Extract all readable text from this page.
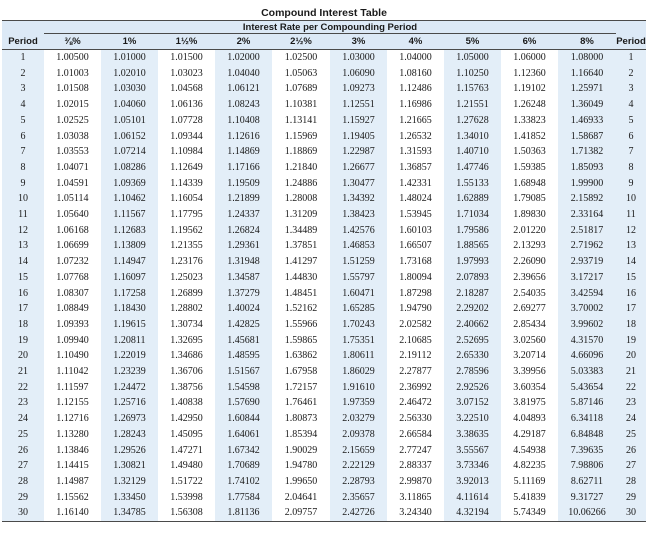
Compound Interest Table											
	Interest Rate per Compounding Period										
Period	⅜%	1%	1½%	2%	2½%	3%	4%	5%	6%	8%	Period
1	1.00500	1.01000	1.01500	1.02000	1.02500	1.03000	1.04000	1.05000	1.06000	1.08000	1
2	1.01003	1.02010	1.03023	1.04040	1.05063	1.06090	1.08160	1.10250	1.12360	1.16640	2
3	1.01508	1.03030	1.04568	1.06121	1.07689	1.09273	1.12486	1.15763	1.19102	1.25971	3
4	1.02015	1.04060	1.06136	1.08243	1.10381	1.12551	1.16986	1.21551	1.26248	1.36049	4
5	1.02525	1.05101	1.07728	1.10408	1.13141	1.15927	1.21665	1.27628	1.33823	1.46933	5
6	1.03038	1.06152	1.09344	1.12616	1.15969	1.19405	1.26532	1.34010	1.41852	1.58687	6
7	1.03553	1.07214	1.10984	1.14869	1.18869	1.22987	1.31593	1.40710	1.50363	1.71382	7
8	1.04071	1.08286	1.12649	1.17166	1.21840	1.26677	1.36857	1.47746	1.59385	1.85093	8
9	1.04591	1.09369	1.14339	1.19509	1.24886	1.30477	1.42331	1.55133	1.68948	1.99900	9
10	1.05114	1.10462	1.16054	1.21899	1.28008	1.34392	1.48024	1.62889	1.79085	2.15892	10
11	1.05640	1.11567	1.17795	1.24337	1.31209	1.38423	1.53945	1.71034	1.89830	2.33164	11
12	1.06168	1.12683	1.19562	1.26824	1.34489	1.42576	1.60103	1.79586	2.01220	2.51817	12
13	1.06699	1.13809	1.21355	1.29361	1.37851	1.46853	1.66507	1.88565	2.13293	2.71962	13
14	1.07232	1.14947	1.23176	1.31948	1.41297	1.51259	1.73168	1.97993	2.26090	2.93719	14
15	1.07768	1.16097	1.25023	1.34587	1.44830	1.55797	1.80094	2.07893	2.39656	3.17217	15
16	1.08307	1.17258	1.26899	1.37279	1.48451	1.60471	1.87298	2.18287	2.54035	3.42594	16
17	1.08849	1.18430	1.28802	1.40024	1.52162	1.65285	1.94790	2.29202	2.69277	3.70002	17
18	1.09393	1.19615	1.30734	1.42825	1.55966	1.70243	2.02582	2.40662	2.85434	3.99602	18
19	1.09940	1.20811	1.32695	1.45681	1.59865	1.75351	2.10685	2.52695	3.02560	4.31570	19
20	1.10490	1.22019	1.34686	1.48595	1.63862	1.80611	2.19112	2.65330	3.20714	4.66096	20
21	1.11042	1.23239	1.36706	1.51567	1.67958	1.86029	2.27877	2.78596	3.39956	5.03383	21
22	1.11597	1.24472	1.38756	1.54598	1.72157	1.91610	2.36992	2.92526	3.60354	5.43654	22
23	1.12155	1.25716	1.40838	1.57690	1.76461	1.97359	2.46472	3.07152	3.81975	5.87146	23
24	1.12716	1.26973	1.42950	1.60844	1.80873	2.03279	2.56330	3.22510	4.04893	6.34118	24
25	1.13280	1.28243	1.45095	1.64061	1.85394	2.09378	2.66584	3.38635	4.29187	6.84848	25
26	1.13846	1.29526	1.47271	1.67342	1.90029	2.15659	2.77247	3.55567	4.54938	7.39635	26
27	1.14415	1.30821	1.49480	1.70689	1.94780	2.22129	2.88337	3.73346	4.82235	7.98806	27
28	1.14987	1.32129	1.51722	1.74102	1.99650	2.28793	2.99870	3.92013	5.11169	8.62711	28
29	1.15562	1.33450	1.53998	1.77584	2.04641	2.35657	3.11865	4.11614	5.41839	9.31727	29
30	1.16140	1.34785	1.56308	1.81136	2.09757	2.42726	3.24340	4.32194	5.74349	10.06266	30
